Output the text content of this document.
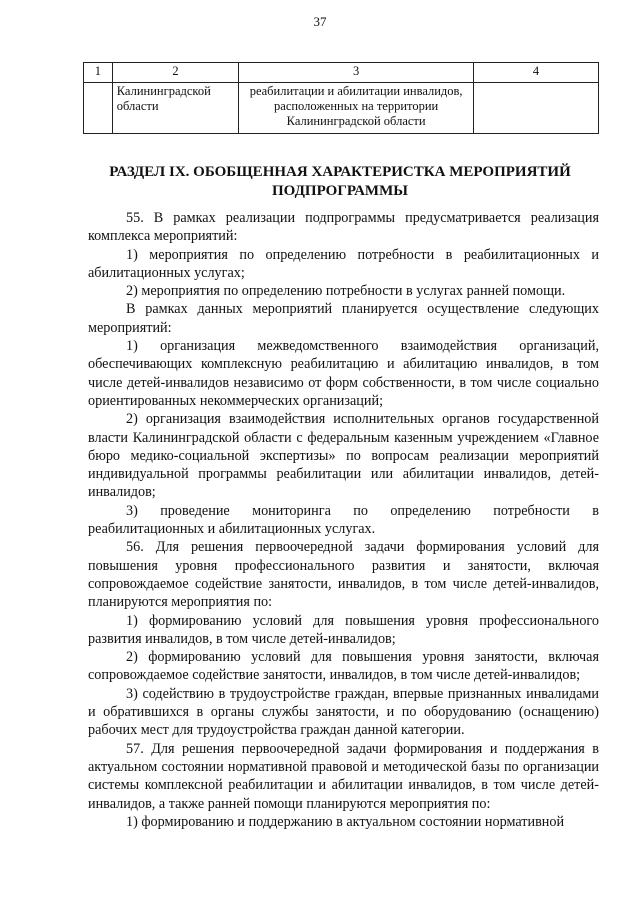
37
1	2	3	4
	Калининградской области	реабилитации и абилитации инвалидов, расположенных на территории Калининградской области	
РАЗДЕЛ IX. ОБОБЩЕННАЯ ХАРАКТЕРИСТКА МЕРОПРИЯТИЙ ПОДПРОГРАММЫ

55. В рамках реализации подпрограммы предусматривается реализация комплекса мероприятий:

1) мероприятия по определению потребности в реабилитационных и абилитационных услугах;

2) мероприятия по определению потребности в услугах ранней помощи.

В рамках данных мероприятий планируется осуществление следующих мероприятий:

1) организация межведомственного взаимодействия организаций, обеспечивающих комплексную реабилитацию и абилитацию инвалидов, в том числе детей-инвалидов независимо от форм собственности, в том числе социально ориентированных некоммерческих организаций;

2) организация взаимодействия исполнительных органов государственной власти Калининградской области с федеральным казенным учреждением «Главное бюро медико-социальной экспертизы» по вопросам реализации мероприятий индивидуальной программы реабилитации или абилитации инвалидов, детей-инвалидов;

3) проведение мониторинга по определению потребности в реабилитационных и абилитационных услугах.

56. Для решения первоочередной задачи формирования условий для повышения уровня профессионального развития и занятости, включая сопровождаемое содействие занятости, инвалидов, в том числе детей-инвалидов, планируются мероприятия по:

1) формированию условий для повышения уровня профессионального развития инвалидов, в том числе детей-инвалидов;

2) формированию условий для повышения уровня занятости, включая сопровождаемое содействие занятости, инвалидов, в том числе детей-инвалидов;

3) содействию в трудоустройстве граждан, впервые признанных инвалидами и обратившихся в органы службы занятости, и по оборудованию (оснащению) рабочих мест для трудоустройства граждан данной категории.

57. Для решения первоочередной задачи формирования и поддержания в актуальном состоянии нормативной правовой и методической базы по организации системы комплексной реабилитации и абилитации инвалидов, в том числе детей-инвалидов, а также ранней помощи планируются мероприятия по:

1) формированию и поддержанию в актуальном состоянии нормативной
